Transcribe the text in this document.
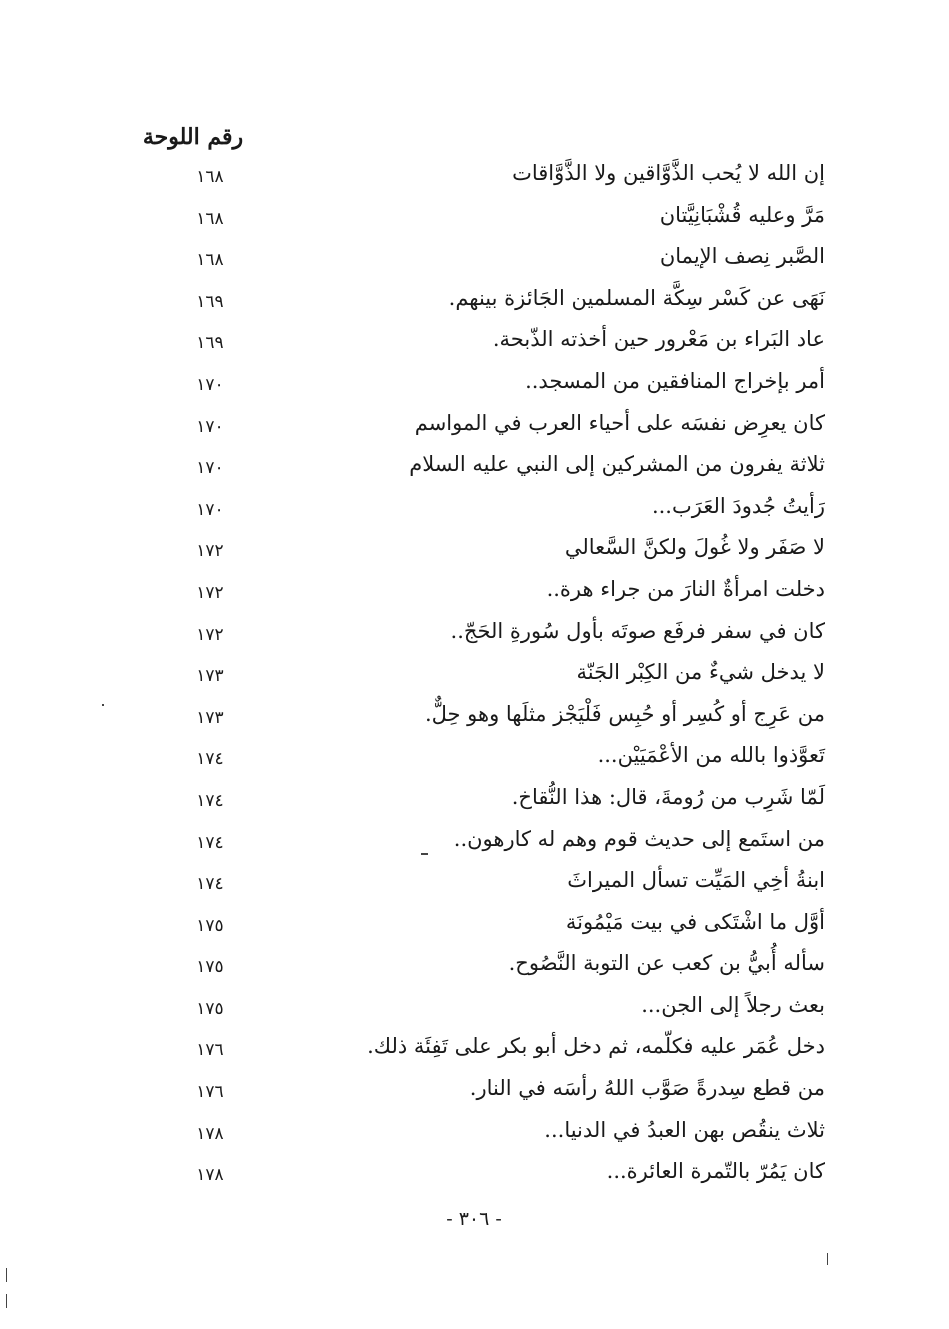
رقم اللوحة
إن الله لا يُحب الذَّوَّاقين ولا الذَّوَّاقات
١٦٨
مَرَّ وعليه قُشْبَانِيَّتان
١٦٨
الصَّبر نِصف الإيمان
١٦٨
نَهَى عن كَسْر سِكَّة المسلمين الجَائزة بينهم.
١٦٩
عاد البَراء بن مَعْرور حين أخذته الذّبحة.
١٦٩
أمر بإخراج المنافقين من المسجد..
١٧٠
كان يعرِض نفسَه على أحياء العرب في المواسم
١٧٠
ثلاثة يفرون من المشركين إلى النبي عليه السلام
١٧٠
رَأيتُ جُدودَ العَرَب...
١٧٠
لا صَفَر ولا غُولَ ولكنَّ السَّعالي
١٧٢
دخلت امرأةٌ النارَ من جراء هرة..
١٧٢
كان في سفر فرفَع صوتَه بأول سُورةِ الحَجّ..
١٧٢
لا يدخل شيءٌ من الكِبْر الجَنّة
١٧٣
من عَرِج أو كُسِر أو حُبِس فَلْيَجْز مثلَها وهو حِلٌّ.
١٧٣
تَعوَّذوا بالله من الأعْمَيَيْن...
١٧٤
لَمّا شَرِب من رُومةَ، قال: هذا النُّقاخ.
١٧٤
من استَمع إلى حديث قوم وهم له كارهون..
١٧٤
ابنةُ أخِي المَيِّت تسأل الميراثَ
١٧٤
أوَّل ما اشْتَكى في بيت مَيْمُونَة
١٧٥
سأله أُبيُّ بن كعب عن التوبة النَّصُوح.
١٧٥
بعث رجلاً إلى الجن...
١٧٥
دخل عُمَر عليه فكلّمه، ثم دخل أبو بكر على تَفِئَة ذلك.
١٧٦
من قطع سِدرةً صَوَّب اللهُ رأسَه في النار.
١٧٦
ثلاث ينقُص بهن العبدُ في الدنيا...
١٧٨
كان يَمُرّ بالتّمرة العائرة...
١٧٨
- ٣٠٦ -
